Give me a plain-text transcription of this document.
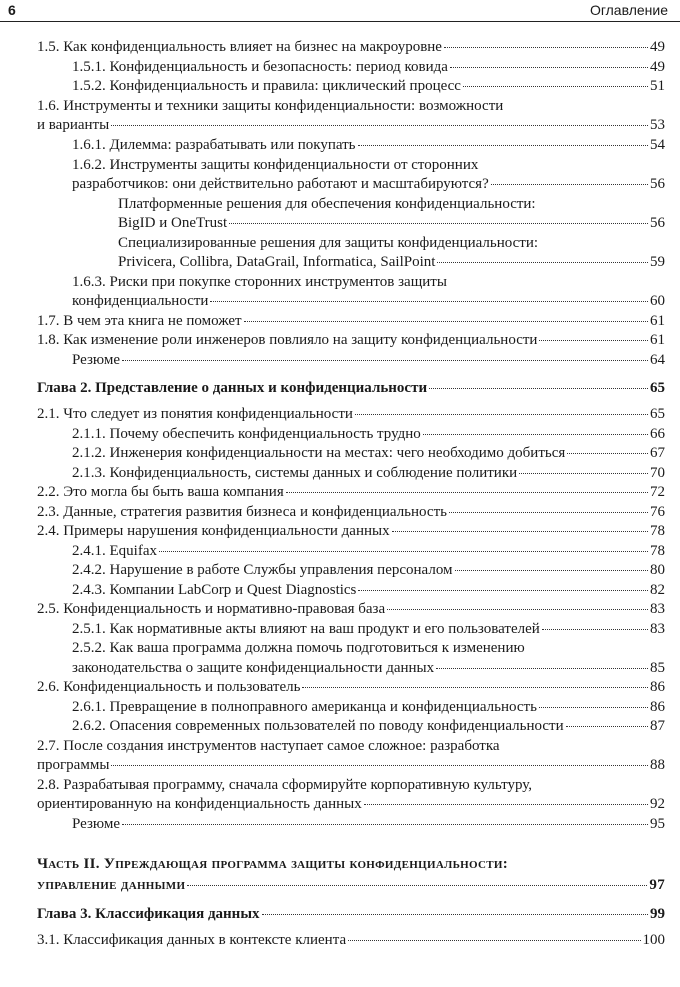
6	Оглавление
1.5. Как конфиденциальность влияет на бизнес на макроуровне	49
1.5.1. Конфиденциальность и безопасность: период ковида	49
1.5.2. Конфиденциальность и правила: циклический процесс	51
1.6. Инструменты и техники защиты конфиденциальности: возможности
и варианты	53
1.6.1. Дилемма: разрабатывать или покупать	54
1.6.2. Инструменты защиты конфиденциальности от сторонних
разработчиков: они действительно работают и масштабируются?	56
Платформенные решения для обеспечения конфиденциальности:
BigID и OneTrust	56
Специализированные решения для защиты конфиденциальности:
Privicera, Collibra, DataGrail, Informatica, SailPoint	59
1.6.3. Риски при покупке сторонних инструментов защиты
конфиденциальности	60
1.7. В чем эта книга не поможет	61
1.8. Как изменение роли инженеров повлияло на защиту конфиденциальности	61
Резюме	64
Глава 2. Представление о данных и конфиденциальности	65
2.1. Что следует из понятия конфиденциальности	65
2.1.1. Почему обеспечить конфиденциальность трудно	66
2.1.2. Инженерия конфиденциальности на местах: чего необходимо добиться	67
2.1.3. Конфиденциальность, системы данных и соблюдение политики	70
2.2. Это могла бы быть ваша компания	72
2.3. Данные, стратегия развития бизнеса и конфиденциальность	76
2.4. Примеры нарушения конфиденциальности данных	78
2.4.1. Equifax	78
2.4.2. Нарушение в работе Службы управления персоналом	80
2.4.3. Компании LabCorp и Quest Diagnostics	82
2.5. Конфиденциальность и нормативно-правовая база	83
2.5.1. Как нормативные акты влияют на ваш продукт и его пользователей	83
2.5.2. Как ваша программа должна помочь подготовиться к изменению
законодательства о защите конфиденциальности данных	85
2.6. Конфиденциальность и пользователь	86
2.6.1. Превращение в полноправного американца и конфиденциальность	86
2.6.2. Опасения современных пользователей по поводу конфиденциальности	87
2.7. После создания инструментов наступает самое сложное: разработка
программы	88
2.8. Разрабатывая программу, сначала сформируйте корпоративную культуру,
ориентированную на конфиденциальность данных	92
Резюме	95
Часть II. Упреждающая программа защиты конфиденциальности:
управление данными	97
Глава 3. Классификация данных	99
3.1. Классификация данных в контексте клиента	100
